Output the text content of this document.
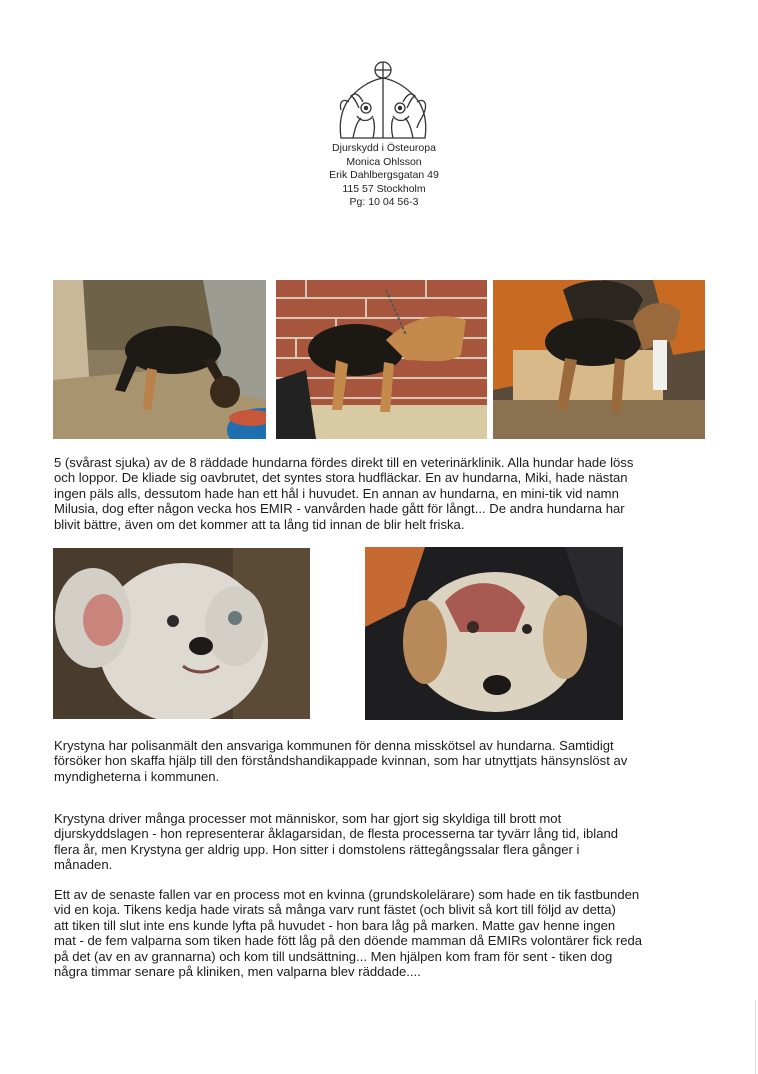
Djurskydd i Östeuropa
Monica Ohlsson
Erik Dahlbergsgatan 49
115 57 Stockholm
Pg: 10 04 56-3
5 (svårast sjuka) av de 8 räddade hundarna fördes direkt till en veterinärklinik. Alla hundar hade löss
och loppor. De kliade sig oavbrutet, det syntes stora hudfläckar. En av hundarna, Miki, hade nästan
ingen päls alls, dessutom hade han ett hål i huvudet. En annan av hundarna, en mini-tik vid namn
Milusia, dog efter någon vecka hos EMIR - vanvården hade gått för långt... De andra hundarna har
blivit bättre, även om det kommer att ta lång tid innan de blir helt friska.
Krystyna har polisanmält den ansvariga kommunen för denna misskötsel av hundarna. Samtidigt
försöker hon skaffa hjälp till den förståndshandikappade kvinnan, som har utnyttjats hänsynslöst av
myndigheterna i kommunen.
Krystyna driver många processer mot människor, som har gjort sig skyldiga till brott mot
djurskyddslagen - hon representerar åklagarsidan, de flesta processerna tar tyvärr lång tid, ibland
flera år, men Krystyna ger aldrig upp. Hon sitter i domstolens rättegångssalar flera gånger i
månaden.
Ett av de senaste fallen var en process mot en kvinna (grundskolelärare) som hade en tik fastbunden
vid en koja. Tikens kedja hade virats så många varv runt fästet (och blivit så kort till följd av detta)
att tiken till slut inte ens kunde lyfta på huvudet - hon bara låg på marken. Matte gav henne ingen
mat - de fem valparna som tiken hade fött låg på den döende mamman då EMIRs volontärer fick reda
på det (av en av grannarna) och kom till undsättning... Men hjälpen kom fram för sent - tiken dog
några timmar senare på kliniken, men valparna blev räddade....
